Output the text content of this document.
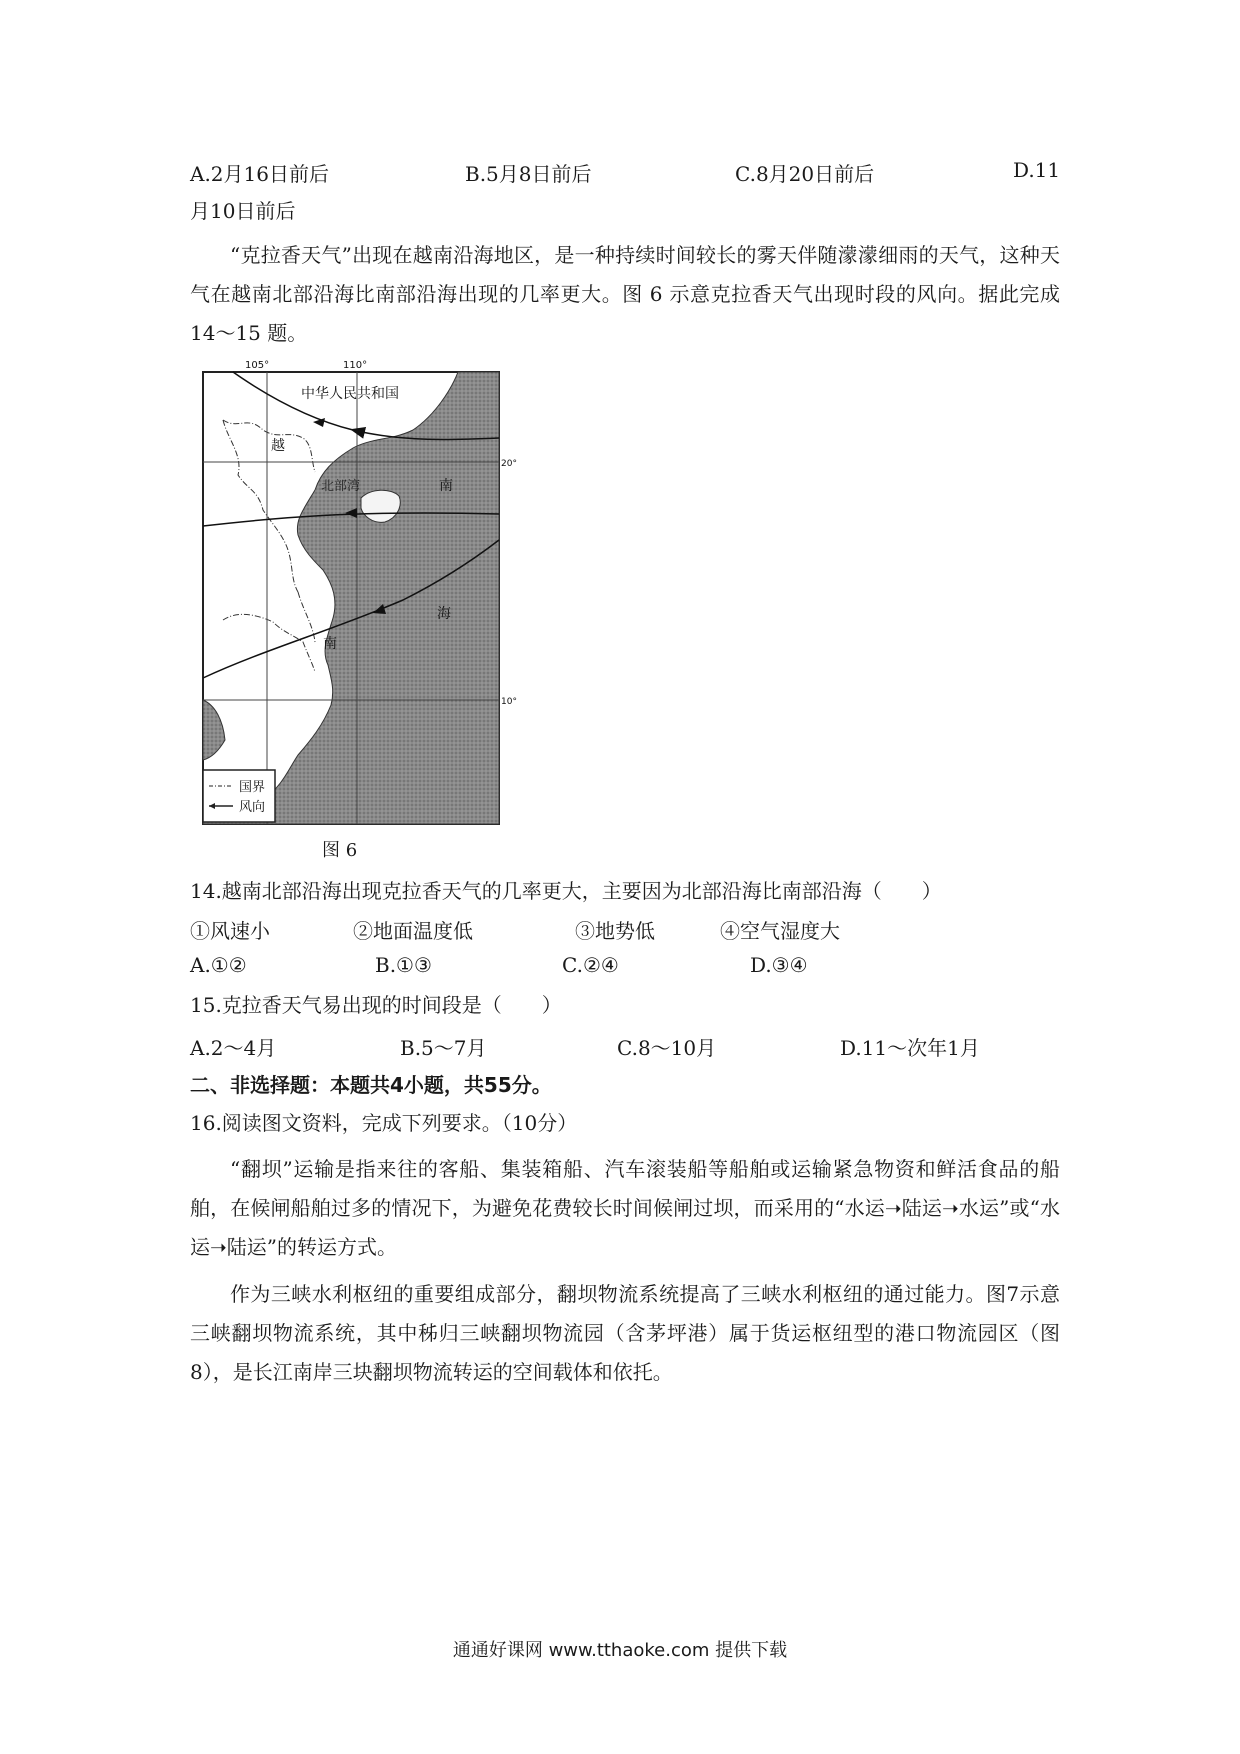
A.2月16日前后	B.5月8日前后	C.8月20日前后	D.11
月10日前后

“克拉香天气”出现在越南沿海地区，是一种持续时间较长的雾天伴随濛濛细雨的天气，这种天气在越南北部沿海比南部沿海出现的几率更大。图 6 示意克拉香天气出现时段的风向。据此完成 14～15 题。

105°	110°
20°
10°
中华人民共和国
越
北部湾	南
海
南
国界
风向
图 6
14.越南北部沿海出现克拉香天气的几率更大，主要因为北部沿海比南部沿海（　　）
①风速小	②地面温度低	③地势低	④空气湿度大
A.①②	B.①③	C.②④	D.③④
15.克拉香天气易出现的时间段是（　　）
A.2～4月	B.5～7月	C.8～10月	D.11～次年1月
二、非选择题：本题共4小题，共55分。
16.阅读图文资料，完成下列要求。（10分）

“翻坝”运输是指来往的客船、集装箱船、汽车滚装船等船舶或运输紧急物资和鲜活食品的船舶，在候闸船舶过多的情况下，为避免花费较长时间候闸过坝，而采用的“水运➝陆运➝水运”或“水运➝陆运”的转运方式。

作为三峡水利枢纽的重要组成部分，翻坝物流系统提高了三峡水利枢纽的通过能力。图7示意三峡翻坝物流系统，其中秭归三峡翻坝物流园（含茅坪港）属于货运枢纽型的港口物流园区（图8），是长江南岸三块翻坝物流转运的空间载体和依托。

通通好课网 www.tthaoke.com 提供下载
